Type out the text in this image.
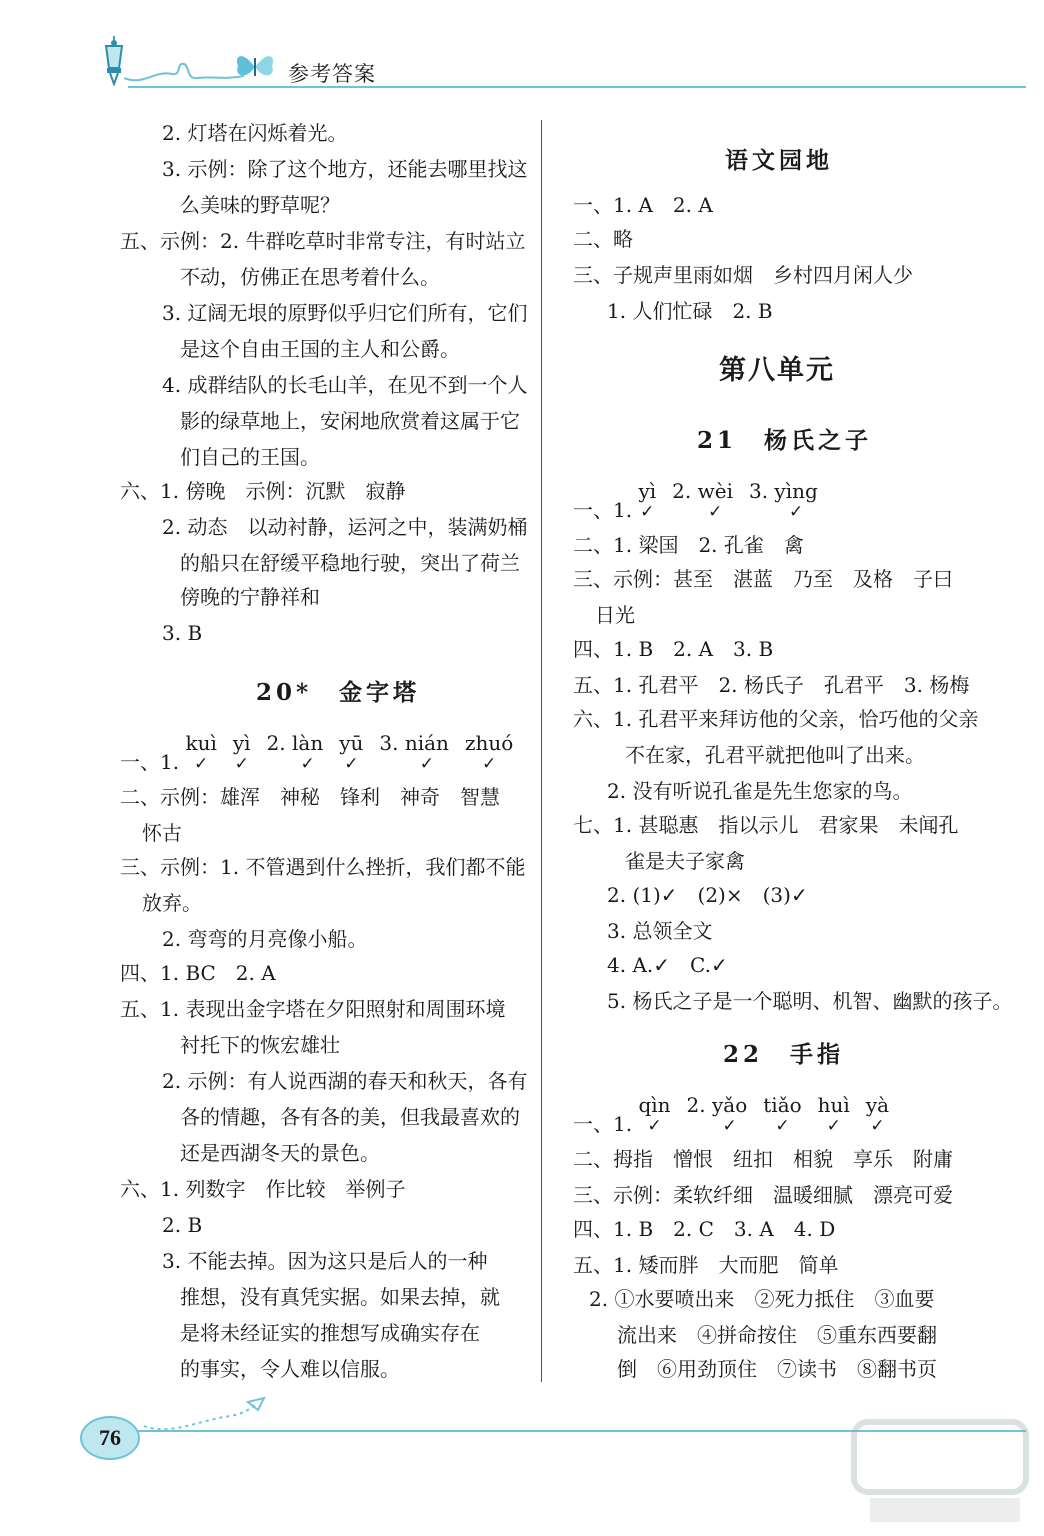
参考答案
20*　金字塔
一、1.
kuì
✓
yì
✓
2. làn
✓
yū
✓
3. nián
✓
zhuó
✓
2. 灯塔在闪烁着光。
3. 示例：除了这个地方，还能去哪里找这
么美味的野草呢？
五、示例：2. 牛群吃草时非常专注，有时站立
不动，仿佛正在思考着什么。
3. 辽阔无垠的原野似乎归它们所有，它们
是这个自由王国的主人和公爵。
4. 成群结队的长毛山羊，在见不到一个人
影的绿草地上，安闲地欣赏着这属于它
们自己的王国。
六、1. 傍晚　示例：沉默　寂静
2. 动态　以动衬静，运河之中，装满奶桶
的船只在舒缓平稳地行驶，突出了荷兰
傍晚的宁静祥和
3. B
二、示例：雄浑　神秘　锋利　神奇　智慧
怀古
三、示例：1. 不管遇到什么挫折，我们都不能
放弃。
2. 弯弯的月亮像小船。
四、1. BC　2. A
五、1. 表现出金字塔在夕阳照射和周围环境
衬托下的恢宏雄壮
2. 示例：有人说西湖的春天和秋天，各有
各的情趣，各有各的美，但我最喜欢的
还是西湖冬天的景色。
六、1. 列数字　作比较　举例子
2. B
3. 不能去掉。因为这只是后人的一种
推想，没有真凭实据。如果去掉，就
是将未经证实的推想写成确实存在
的事实，令人难以信服。
语文园地
第八单元
21　杨氏之子
一、1.
yì
✓
2. wèi
✓
3. yìng
✓
22　手指
一、1.
qìn
✓
2. yǎo
✓
tiǎo
✓
huì
✓
yà
✓
一、1. A　2. A
二、略
三、子规声里雨如烟　乡村四月闲人少
1. 人们忙碌　2. B
二、1. 梁国　2. 孔雀　禽
三、示例：甚至　湛蓝　乃至　及格　子曰
日光
四、1. B　2. A　3. B
五、1. 孔君平　2. 杨氏子　孔君平　3. 杨梅
六、1. 孔君平来拜访他的父亲，恰巧他的父亲
不在家，孔君平就把他叫了出来。
2. 没有听说孔雀是先生您家的鸟。
七、1. 甚聪惠　指以示儿　君家果　未闻孔
雀是夫子家禽
2. (1)✓　(2)×　(3)✓
3. 总领全文
4. A.✓　C.✓
5. 杨氏之子是一个聪明、机智、幽默的孩子。
二、拇指　憎恨　纽扣　相貌　享乐　附庸
三、示例：柔软纤细　温暖细腻　漂亮可爱
四、1. B　2. C　3. A　4. D
五、1. 矮而胖　大而肥　简单
2. ①水要喷出来　②死力抵住　③血要
流出来　④拼命按住　⑤重东西要翻
倒　⑥用劲顶住　⑦读书　⑧翻书页
76
